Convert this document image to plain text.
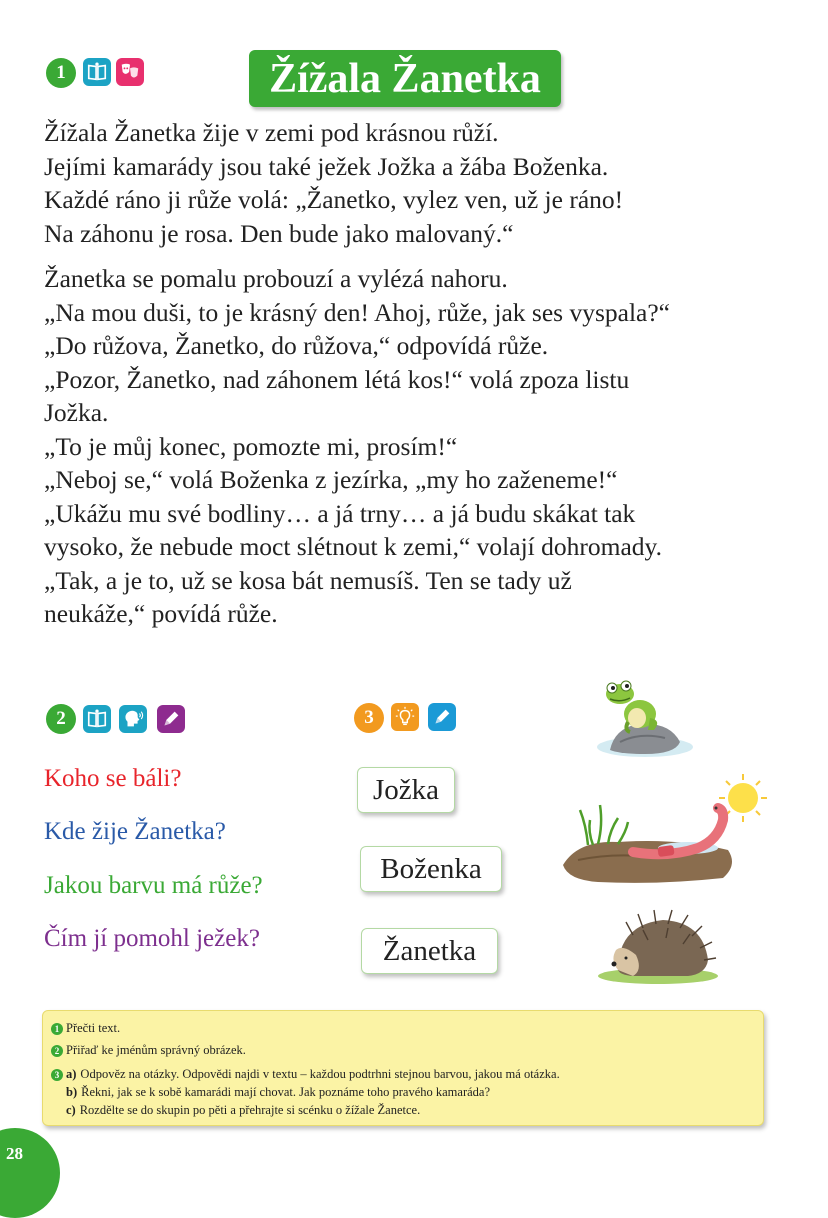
1	Žížala Žanetka

Žížala Žanetka žije v zemi pod krásnou růží.

Jejími kamarády jsou také ježek Jožka a žába Boženka.

Každé ráno ji růže volá: „Žanetko, vylez ven, už je ráno!

Na záhonu je rosa. Den bude jako malovaný.“

Žanetka se pomalu probouzí a vylézá nahoru.

„Na mou duši, to je krásný den! Ahoj, růže, jak ses vyspala?“

„Do růžova, Žanetko, do růžova,“ odpovídá růže.

„Pozor, Žanetko, nad záhonem létá kos!“ volá zpoza listu

Jožka.

„To je můj konec, pomozte mi, prosím!“

„Neboj se,“ volá Boženka z jezírka, „my ho zaženeme!“

„Ukážu mu své bodliny… a já trny… a já budu skákat tak

vysoko, že nebude moct slétnout k zemi,“ volají dohromady.

„Tak, a je to, už se kosa bát nemusíš. Ten se tady už

neukáže,“ povídá růže.

2	3
Koho se báli?
Kde žije Žanetka?
Jakou barvu má růže?
Čím jí pomohl ježek?
Jožka
Boženka
Žanetka
1 Přečti text.
2 Přiřaď ke jménům správný obrázek.
3 a) Odpověz na otázky. Odpovědi najdi v textu – každou podtrhni stejnou barvou, jakou má otázka.
b) Řekni, jak se k sobě kamarádi mají chovat. Jak poznáme toho pravého kamaráda?
c) Rozdělte se do skupin po pěti a přehrajte si scénku o žížale Žanetce.
28
